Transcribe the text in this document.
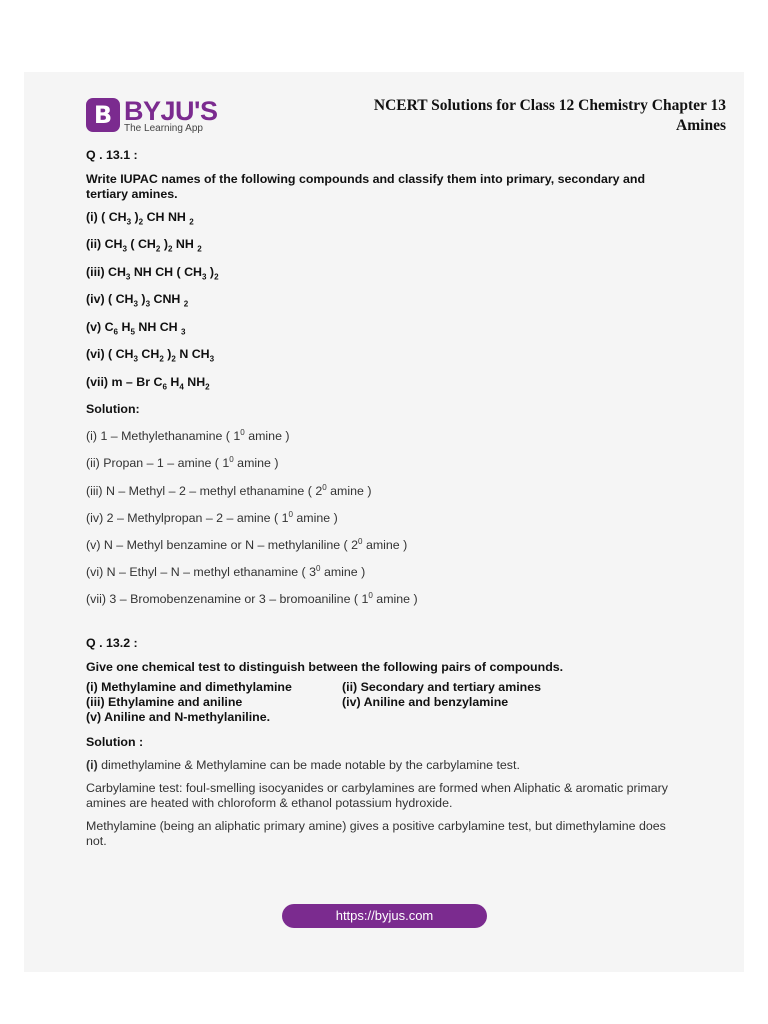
B BYJU'S
The Learning App
NCERT Solutions for Class 12 Chemistry Chapter 13
Amines
Q . 13.1 :
Write IUPAC names of the following compounds and classify them into primary, secondary and tertiary amines.
(i) ( $CH_3$ )$_2$ CH NH $_2$
(ii) $CH_3$ ( $CH_2$ )$_2$ NH $_2$
(iii) $CH_3$ NH CH ( $CH_3$ )$_2$
(iv) ( $CH_3$ )$_3$ CNH $_2$
(v) $C_6$ $H_5$ NH CH $_3$
(vi) ( $CH_3$ $CH_2$ )$_2$ N $CH_3$
(vii) m – Br $C_6$ $H_4$ $NH_2$
Solution:
(i) 1 – Methylethanamine ( $1^0$ amine )
(ii) Propan – 1 – amine ( $1^0$ amine )
(iii) N – Methyl – 2 – methyl ethanamine ( $2^0$ amine )
(iv) 2 – Methylpropan – 2 – amine ( $1^0$ amine )
(v) N – Methyl benzamine or N – methylaniline ( $2^0$ amine )
(vi) N – Ethyl – N – methyl ethanamine ( $3^0$ amine )
(vii) 3 – Bromobenzenamine or 3 – bromoaniline ( $1^0$ amine )
Q . 13.2 :
Give one chemical test to distinguish between the following pairs of compounds.
(i) Methylamine and dimethylamine	(ii) Secondary and tertiary amines
(iii) Ethylamine and aniline	(iv) Aniline and benzylamine
(v) Aniline and N-methylaniline.
Solution :
(i) dimethylamine & Methylamine can be made notable by the carbylamine test.
Carbylamine test: foul-smelling isocyanides or carbylamines are formed when Aliphatic & aromatic primary amines are heated with chloroform & ethanol potassium hydroxide.
Methylamine (being an aliphatic primary amine) gives a positive carbylamine test, but dimethylamine does not.
https://byjus.com
